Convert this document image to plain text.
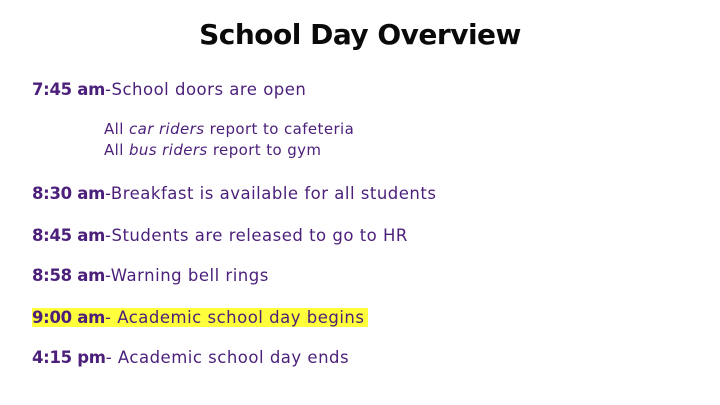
School Day Overview
7:45 am-School doors are open
All car riders report to cafeteria
All bus riders report to gym
8:30 am-Breakfast is available for all students
8:45 am-Students are released to go to HR
8:58 am-Warning bell rings
9:00 am- Academic school day begins
4:15 pm- Academic school day ends
